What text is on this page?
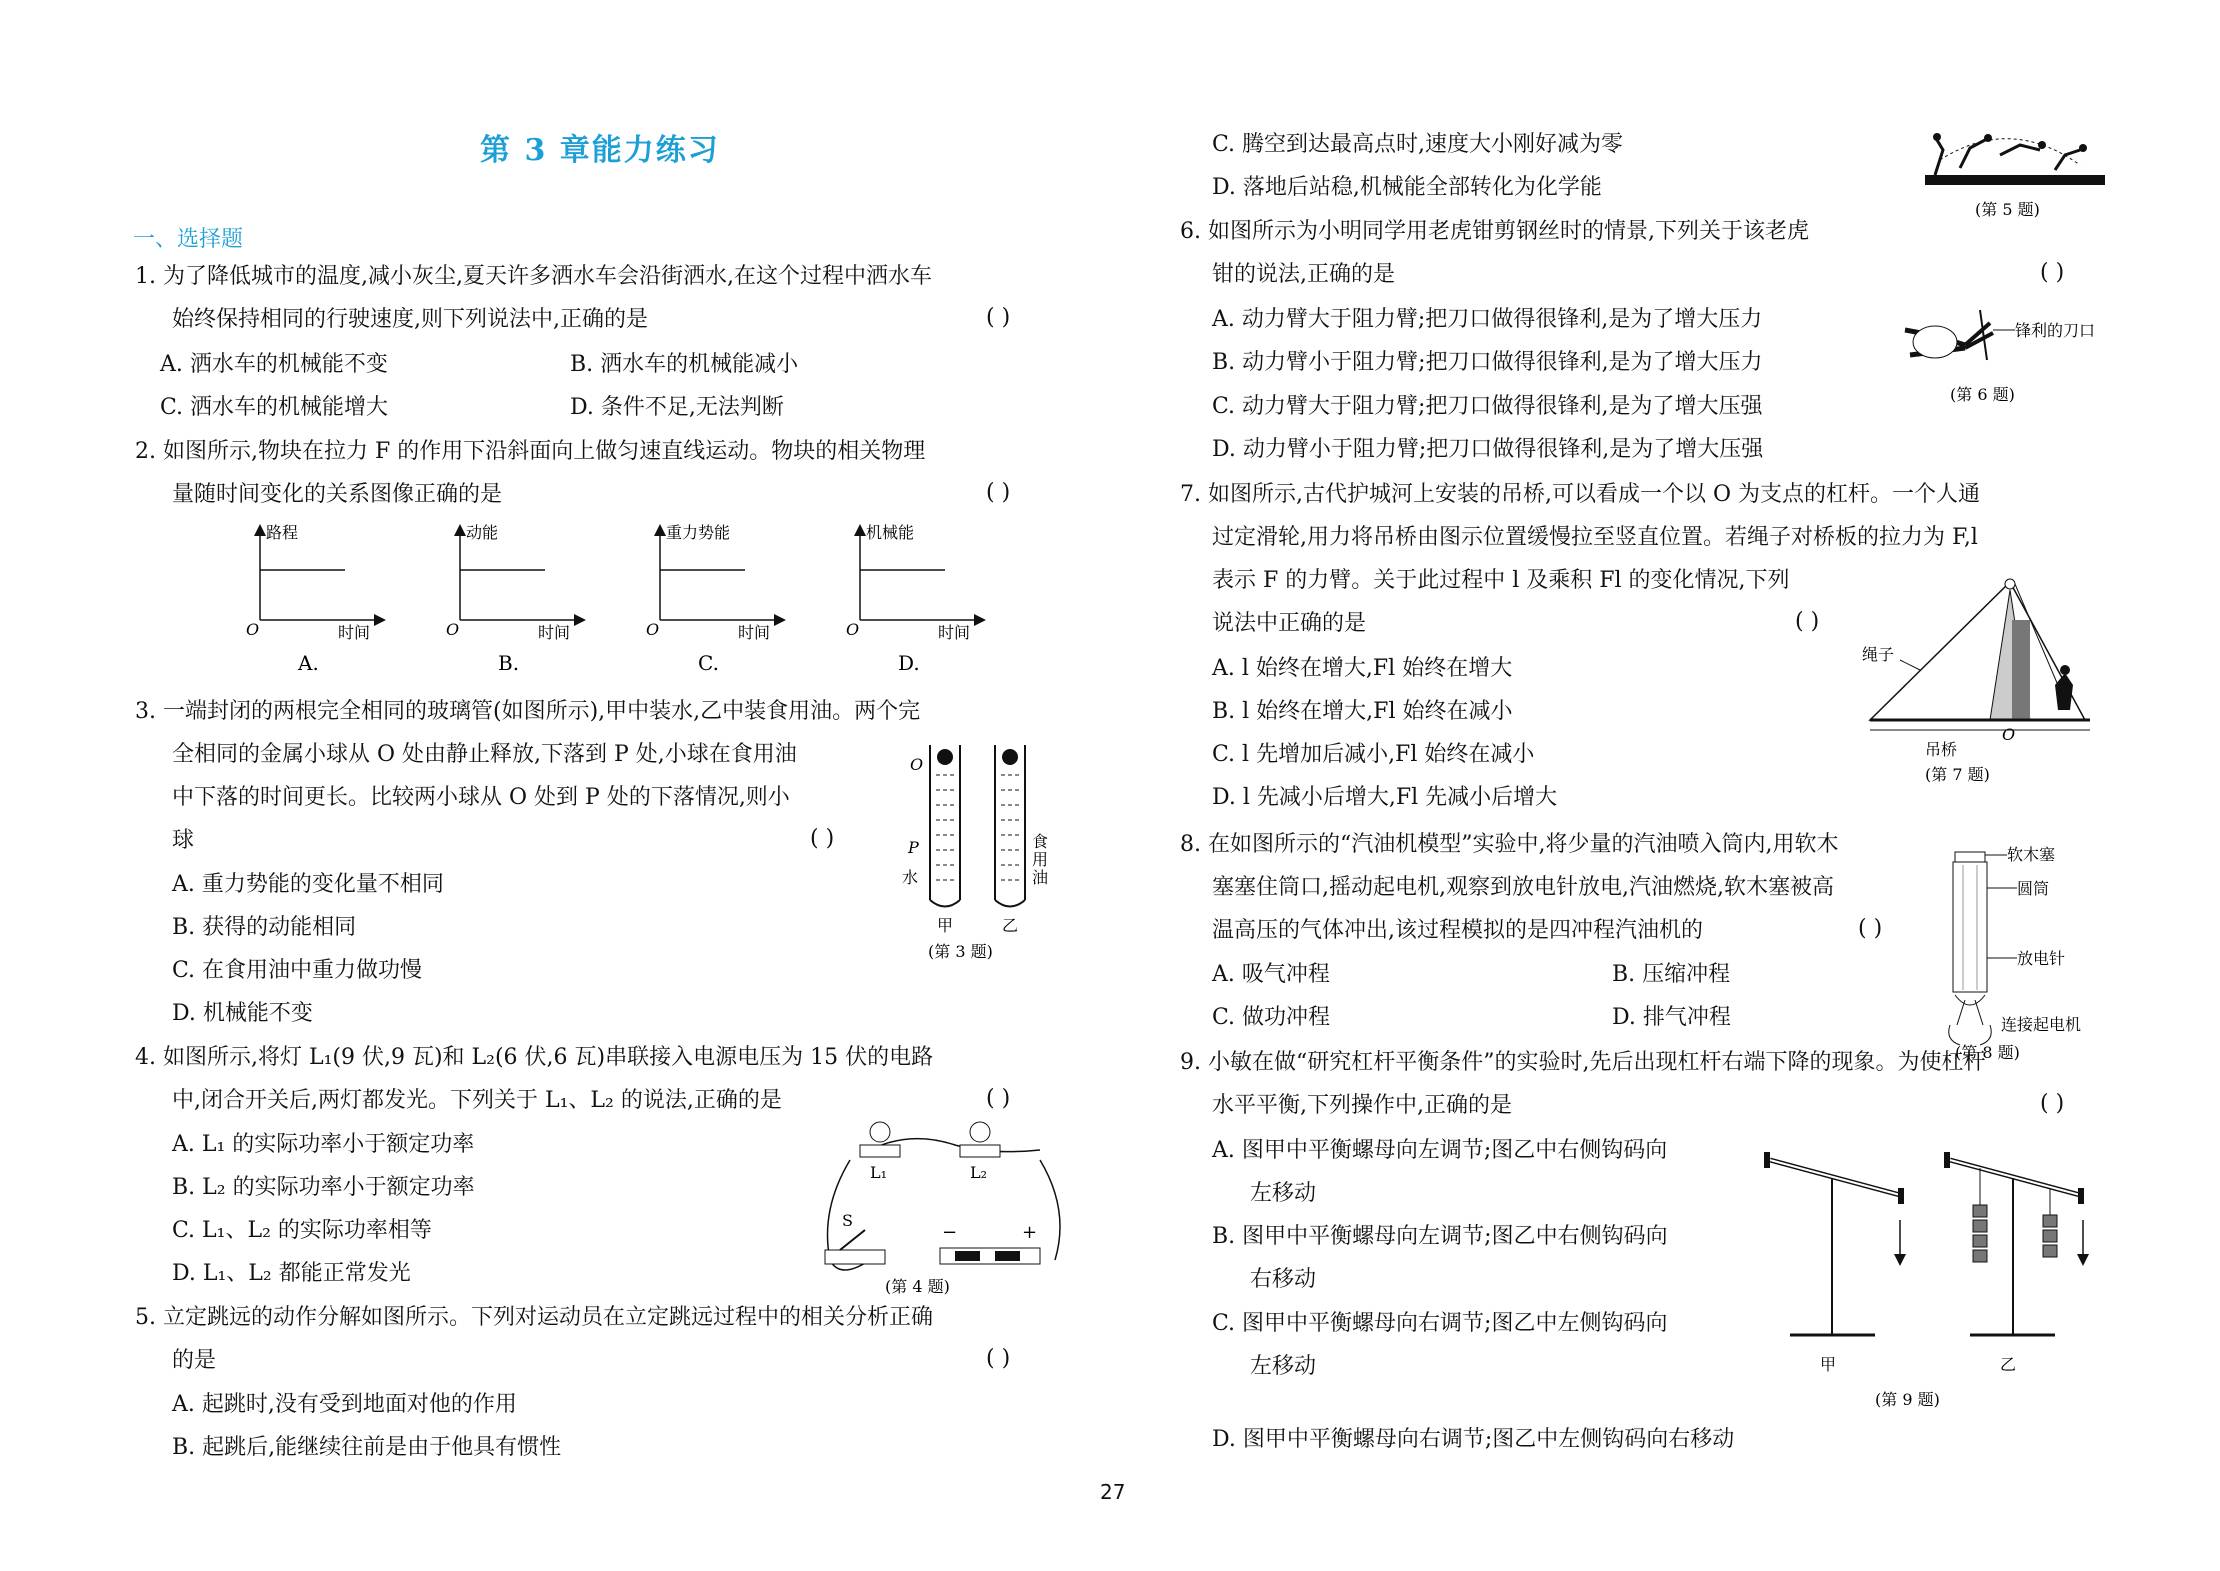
第 3 章能力练习
一、选择题
27
1. 为了降低城市的温度,减小灰尘,夏天许多洒水车会沿街洒水,在这个过程中洒水车
始终保持相同的行驶速度,则下列说法中,正确的是	( )
A. 洒水车的机械能不变	B. 洒水车的机械能减小
C. 洒水车的机械能增大	D. 条件不足,无法判断
2. 如图所示,物块在拉力 F 的作用下沿斜面向上做匀速直线运动。物块的相关物理
量随时间变化的关系图像正确的是	( )
路程
时间
O
A.
动能
时间
O
B.
重力势能
时间
O
C.
机械能
时间
O
D.
3. 一端封闭的两根完全相同的玻璃管(如图所示),甲中装水,乙中装食用油。两个完
全相同的金属小球从 O 处由静止释放,下落到 P 处,小球在食用油
中下落的时间更长。比较两小球从 O 处到 P 处的下落情况,则小
球	( )
A. 重力势能的变化量不相同
B. 获得的动能相同
C. 在食用油中重力做功慢
D. 机械能不变
O
P
水
食
用
油
甲	乙
(第 3 题)
4. 如图所示,将灯 L₁(9 伏,9 瓦)和 L₂(6 伏,6 瓦)串联接入电源电压为 15 伏的电路
中,闭合开关后,两灯都发光。下列关于 L₁、L₂ 的说法,正确的是	( )
A. L₁ 的实际功率小于额定功率
B. L₂ 的实际功率小于额定功率
C. L₁、L₂ 的实际功率相等
D. L₁、L₂ 都能正常发光
L₁	L₂
S
−	+
(第 4 题)
5. 立定跳远的动作分解如图所示。下列对运动员在立定跳远过程中的相关分析正确
的是	( )
A. 起跳时,没有受到地面对他的作用
B. 起跳后,能继续往前是由于他具有惯性
C. 腾空到达最高点时,速度大小刚好减为零
D. 落地后站稳,机械能全部转化为化学能
(第 5 题)
6. 如图所示为小明同学用老虎钳剪钢丝时的情景,下列关于该老虎
钳的说法,正确的是	( )
A. 动力臂大于阻力臂;把刀口做得很锋利,是为了增大压力
B. 动力臂小于阻力臂;把刀口做得很锋利,是为了增大压力
C. 动力臂大于阻力臂;把刀口做得很锋利,是为了增大压强
D. 动力臂小于阻力臂;把刀口做得很锋利,是为了增大压强
锋利的刀口
(第 6 题)
7. 如图所示,古代护城河上安装的吊桥,可以看成一个以 O 为支点的杠杆。一个人通
过定滑轮,用力将吊桥由图示位置缓慢拉至竖直位置。若绳子对桥板的拉力为 F,l
表示 F 的力臂。关于此过程中 l 及乘积 Fl 的变化情况,下列
说法中正确的是	( )
A. l 始终在增大,Fl 始终在增大
B. l 始终在增大,Fl 始终在减小
C. l 先增加后减小,Fl 始终在减小
D. l 先减小后增大,Fl 先减小后增大
绳子
吊桥
O
(第 7 题)
8. 在如图所示的“汽油机模型”实验中,将少量的汽油喷入筒内,用软木
塞塞住筒口,摇动起电机,观察到放电针放电,汽油燃烧,软木塞被高
温高压的气体冲出,该过程模拟的是四冲程汽油机的	( )
A. 吸气冲程	B. 压缩冲程
C. 做功冲程	D. 排气冲程
软木塞
圆筒
放电针
连接起电机
(第 8 题)
9. 小敏在做“研究杠杆平衡条件”的实验时,先后出现杠杆右端下降的现象。为使杠杆
水平平衡,下列操作中,正确的是	( )
A. 图甲中平衡螺母向左调节;图乙中右侧钩码向
左移动
B. 图甲中平衡螺母向左调节;图乙中右侧钩码向
右移动
C. 图甲中平衡螺母向右调节;图乙中左侧钩码向
左移动
D. 图甲中平衡螺母向右调节;图乙中左侧钩码向右移动
甲	乙
(第 9 题)
